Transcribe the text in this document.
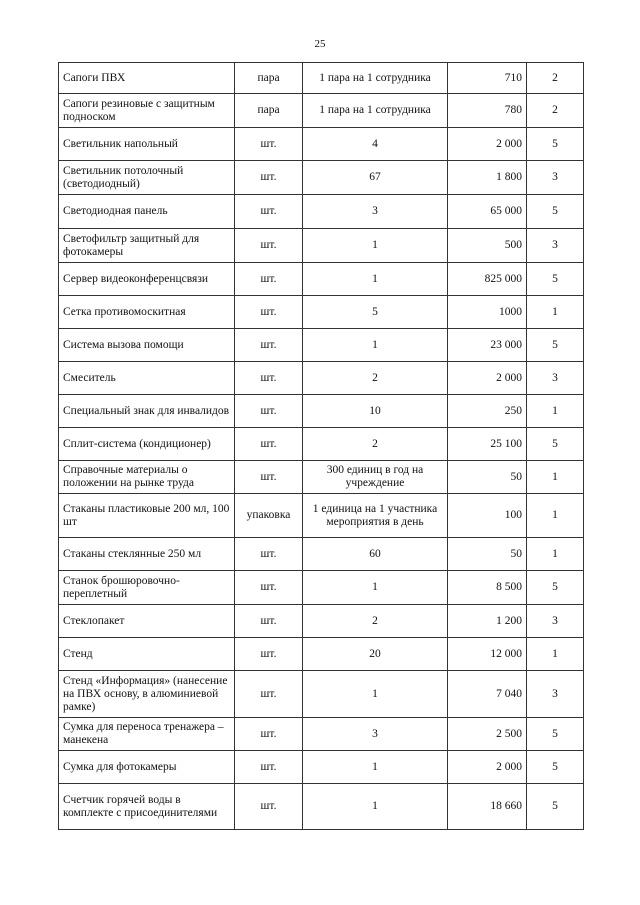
25
Сапоги ПВХ	пара	1 пара на 1 сотрудника	710	2
Сапоги резиновые с защитным подноском	пара	1 пара на 1 сотрудника	780	2
Светильник напольный	шт.	4	2 000	5
Светильник потолочный (светодиодный)	шт.	67	1 800	3
Светодиодная панель	шт.	3	65 000	5
Светофильтр защитный для фотокамеры	шт.	1	500	3
Сервер видеоконференцсвязи	шт.	1	825 000	5
Сетка противомоскитная	шт.	5	1000	1
Система вызова помощи	шт.	1	23 000	5
Смеситель	шт.	2	2 000	3
Специальный знак для инвалидов	шт.	10	250	1
Сплит-система (кондиционер)	шт.	2	25 100	5
Справочные материалы о положении на рынке труда	шт.	300 единиц в год на учреждение	50	1
Стаканы пластиковые 200 мл, 100 шт	упаковка	1 единица на 1 участника мероприятия в день	100	1
Стаканы стеклянные 250 мл	шт.	60	50	1
Станок брошюровочно-переплетный	шт.	1	8 500	5
Стеклопакет	шт.	2	1 200	3
Стенд	шт.	20	12 000	1
Стенд «Информация» (нанесение на ПВХ основу, в алюминиевой рамке)	шт.	1	7 040	3
Сумка для переноса тренажера – манекена	шт.	3	2 500	5
Сумка для фотокамеры	шт.	1	2 000	5
Счетчик горячей воды в комплекте с присоединителями	шт.	1	18 660	5
